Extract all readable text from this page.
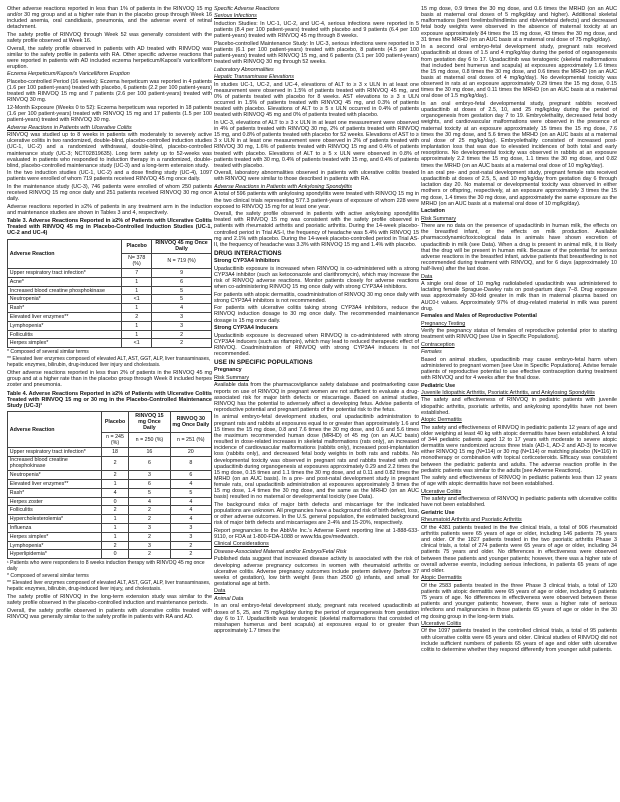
Other adverse reactions reported in less than 1% of patients in the RINVOQ 15 mg and/or 30 mg group and at a higher rate than in the placebo group through Week 16 included anemia, oral candidiasis, pneumonia, and the adverse event of retinal detachment.

The safety profile of RINVOQ through Week 52 was generally consistent with the safety profile observed at Week 16.

Overall, the safety profile observed in patients with AD treated with RINVOQ was similar to the safety profile in patients with RA. Other specific adverse reactions that were reported in patients with AD included eczema herpeticum/Kaposi's varicelliform eruption.

Eczema Herpeticum/Kaposi's Varicelliform Eruption

Placebo-controlled Period (16 weeks): Eczema herpeticum was reported in 4 patients (1.6 per 100 patient-years) treated with placebo, 6 patients (2.2 per 100 patient-years) treated with RINVOQ 15 mg and 7 patients (2.6 per 100 patient-years) treated with RINVOQ 30 mg.

12-Month Exposure (Weeks 0 to 52): Eczema herpeticum was reported in 18 patients (1.6 per 100 patient-years) treated with RINVOQ 15 mg and 17 patients (1.5 per 100 patient-years) treated with RINVOQ 30 mg.

Adverse Reactions in Patients with Ulcerative Colitis

RINVOQ was studied up to 8 weeks in patients with moderately to severely active ulcerative colitis in two randomized, double-blind, placebo-controlled induction studies (UC-1, UC-2) and a randomized withdrawal, double-blind, placebo-controlled maintenance study (UC-3; NCT02819635). Long term safety up to 52-weeks was evaluated in patients who responded to induction therapy in a randomized, double-blind, placebo-controlled maintenance study (UC-3) and a long-term extension study.

In the two induction studies (UC-1, UC-2) and a dose finding study (UC-4), 1097 patients were enrolled of whom 719 patients received RINVOQ 45 mg once daily.

In the maintenance study (UC-3), 746 patients were enrolled of whom 250 patients received RINVOQ 15 mg once daily and 251 patients received RINVOQ 30 mg once daily.

Adverse reactions reported in ≥2% of patients in any treatment arm in the induction and maintenance studies are shown in Tables 3 and 4, respectively.

Table 3. Adverse Reactions Reported in ≥2% of Patients with Ulcerative Colitis Treated with RINVOQ 45 mg in Placebo-Controlled Induction Studies (UC-1, UC-2 and UC-4)

Adverse Reaction	Placebo	RINVOQ 45 mg Once Daily
	N= 378 (%)	N = 719 (%)
Upper respiratory tract infection*	7	9
Acne*	1	6
Increased blood creatine phosphokinase	1	5
Neutropenia*	<1	5
Rash*	1	4
Elevated liver enzymes**	2	3
Lymphopenia*	1	3
Folliculitis	1	2
Herpes simplex*	<1	2

* Composed of several similar terms

** Elevated liver enzymes composed of elevated ALT, AST, GGT, ALP, liver transaminases, hepatic enzymes, bilirubin, drug-induced liver injury and cholestasis.

Other adverse reactions reported in less than 2% of patients in the RINVOQ 45 mg group and at a higher rate than in the placebo group through Week 8 included herpes zoster and pneumonia.

Table 4. Adverse Reactions Reported in ≥2% of Patients with Ulcerative Colitis Treated with RINVOQ 15 mg or 30 mg in the Placebo-Controlled Maintenance Study (UC-3)¹

Adverse Reaction	Placebo	RINVOQ 15 mg Once Daily	RINVOQ 30 mg Once Daily
	n = 245 (%)	n = 250 (%)	n = 251 (%)
Upper respiratory tract infection*	18	16	20
Increased blood creatine phosphokinase	2	6	8
Neutropenia*	2	3	6
Elevated liver enzymes**	1	6	4
Rash*	4	5	5
Herpes zoster	0	4	4
Folliculitis	2	2	4
Hypercholesterolemia*	1	2	4
Influenza	1	3	3
Herpes simplex*	1	2	3
Lymphopenia*	2	3	2
Hyperlipidemia*	0	2	2

¹ Patients who were responders to 8 weeks induction therapy with RINVOQ 45 mg once daily

* Composed of several similar terms

** Elevated liver enzymes composed of elevated ALT, AST, GGT, ALP, liver transaminases, hepatic enzymes, bilirubin, drug-induced liver injury, and cholestasis.

The safety profile of RINVOQ in the long-term extension study was similar to the safety profile observed in the placebo-controlled induction and maintenance periods.

Overall, the safety profile observed in patients with ulcerative colitis treated with RINVOQ was generally similar to the safety profile in patients with RA and AD.

Specific Adverse Reactions

Serious Infections

Induction Studies: In UC-1, UC-2, and UC-4, serious infections were reported in 5 patients (8.4 per 100 patient-years) treated with placebo and 9 patients (6.4 per 100 patient-years) treated with RINVOQ 45 mg through 8 weeks.

Placebo-controlled Maintenance Study: In UC-3, serious infections were reported in 3 patients (6.1 per 100 patient-years) treated with placebo, 8 patients (4.5 per 100 patient-years) treated with RINVOQ 15 mg, and 6 patients (3.1 per 100 patient-years) treated with RINVOQ 30 mg through 52 weeks.

Laboratory Abnormalities

Hepatic Transaminase Elevations

In studies UC-1, UC-2, and UC-4, elevations of ALT to ≥ 3 x ULN in at least one measurement were observed in 1.5% of patients treated with RINVOQ 45 mg, and 0% of patients treated with placebo for 8 weeks. AST elevations to ≥ 3 x ULN occurred in 1.5% of patients treated with RINVOQ 45 mg, and 0.3% of patients treated with placebo. Elevations of ALT to ≥ 5 x ULN occurred in 0.4% of patients treated with RINVOQ 45 mg and 0% of patients treated with placebo.

In UC-3, elevations of ALT to ≥ 3 x ULN in at least one measurement were observed in 4% of patients treated with RINVOQ 30 mg, 2% of patients treated with RINVOQ 15 mg, and 0.8% of patients treated with placebo for 52 weeks. Elevations of AST to ≥ 3 x ULN in at least one measurement were observed in 2% of patients treated with RINVOQ 30 mg, 1.6% of patients treated with RINVOQ 15 mg and 0.4% of patients treated with placebo. Elevations of ALT to ≥ 5 x ULN were observed in 0.8% of patients treated with 30 mg, 0.4% of patients treated with 15 mg, and 0.4% of patients treated with placebo.

Overall, laboratory abnormalities observed in patients with ulcerative colitis treated with RINVOQ were similar to those described in patients with RA.

Adverse Reactions in Patients with Ankylosing Spondylitis

A total of 596 patients with ankylosing spondylitis were treated with RINVOQ 15 mg in the two clinical trials representing 577.3 patient-years of exposure of whom 228 were exposed to RINVOQ 15 mg for at least one year.

Overall, the safety profile observed in patients with active ankylosing spondylitis treated with RINVOQ 15 mg was consistent with the safety profile observed in patients with rheumatoid arthritis and psoriatic arthritis. During the 14-week placebo-controlled period in Trial AS-I, the frequency of headache was 5.4% with RINVOQ 15 mg and 2.1% with placebo. During the 14-week placebo-controlled period in Trial AS-II, the frequency of headache was 3.3% with RINVOQ 15 mg and 1.4% with placebo.

DRUG INTERACTIONS

Strong CYP3A4 Inhibitors

Upadacitinib exposure is increased when RINVOQ is co-administered with a strong CYP3A4 inhibitor (such as ketoconazole and clarithromycin), which may increase the risk of RINVOQ adverse reactions. Monitor patients closely for adverse reactions when co-administering RINVOQ 15 mg once daily with strong CYP3A4 inhibitors.

For patients with atopic dermatitis, coadministration of RINVOQ 30 mg once daily with strong CYP3A4 inhibitors is not recommended.

For patients with ulcerative colitis taking strong CYP3A4 inhibitors, reduce the RINVOQ induction dosage to 30 mg once daily. The recommended maintenance dosage is 15 mg once daily.

Strong CYP3A4 Inducers

Upadacitinib exposure is decreased when RINVOQ is co-administered with strong CYP3A4 inducers (such as rifampin), which may lead to reduced therapeutic effect of RINVOQ. Coadministration of RINVOQ with strong CYP3A4 inducers is not recommended.

USE IN SPECIFIC POPULATIONS

Pregnancy

Risk Summary

Available data from the pharmacovigilance safety database and postmarketing case reports on use of RINVOQ in pregnant women are not sufficient to evaluate a drug-associated risk for major birth defects or miscarriage. Based on animal studies, RINVOQ has the potential to adversely affect a developing fetus. Advise patients of reproductive potential and pregnant patients of the potential risk to the fetus.

In animal embryo-fetal development studies, oral upadacitinib administration to pregnant rats and rabbits at exposures equal to or greater than approximately 1.6 and 15 times the 15 mg dose, 0.8 and 7.6 times the 30 mg dose, and 0.6 and 5.6 times the maximum recommended human dose (MRHD) of 45 mg (on an AUC basis) resulted in dose-related increases in skeletal malformations (rats only), an increased incidence of cardiovascular malformations (rabbits only), increased post-implantation loss (rabbits only), and decreased fetal body weights in both rats and rabbits. No developmental toxicity was observed in pregnant rats and rabbits treated with oral upadacitinib during organogenesis at exposures approximately 0.29 and 2.2 times the 15 mg dose, 0.15 times and 1.1 times the 30 mg dose, and at 0.11 and 0.82 times the MRHD (on an AUC basis). In a pre- and post-natal development study in pregnant female rats, oral upadacitinib administration at exposures approximately 3 times the 15 mg dose, 1.4 times the 30 mg dose, and the same as the MRHD (on an AUC basis) resulted in no maternal or developmental toxicity (see Data).

The background risks of major birth defects and miscarriage for the indicated populations are unknown. All pregnancies have a background risk of birth defect, loss, or other adverse outcomes. In the U.S. general population, the estimated background risk of major birth defects and miscarriages are 2-4% and 15-20%, respectively.

Report pregnancies to the AbbVie Inc.'s Adverse Event reporting line at 1-888-633-9110, or FDA at 1-800-FDA-1088 or www.fda.gov/medwatch.

Clinical Considerations

Disease-Associated Maternal and/or Embryo/Fetal Risk

Published data suggest that increased disease activity is associated with the risk of developing adverse pregnancy outcomes in women with rheumatoid arthritis or ulcerative colitis. Adverse pregnancy outcomes include preterm delivery (before 37 weeks of gestation), low birth weight (less than 2500 g) infants, and small for gestational age at birth.

Data

Animal Data

In an oral embryo-fetal development study, pregnant rats received upadacitinib at doses of 5, 25, and 75 mg/kg/day during the period of organogenesis from gestation day 6 to 17. Upadacitinib was teratogenic (skeletal malformations that consisted of misshapen humerus and bent scapula) at exposures equal to or greater than approximately 1.7 times the

15 mg dose, 0.9 times the 30 mg dose, and 0.6 times the MRHD (on an AUC basis at maternal oral doses of 5 mg/kg/day and higher). Additional skeletal malformations (bent forelimbs/hindlimbs and rib/vertebral defects) and decreased fetal body weights were observed in the absence of maternal toxicity at an exposure approximately 84 times the 15 mg dose, 43 times the 30 mg dose, and 31 times the MRHD (on an AUC basis at a maternal oral dose of 75 mg/kg/day).

In a second oral embryo-fetal development study, pregnant rats received upadacitinib at doses of 1.5 and 4 mg/kg/day during the period of organogenesis from gestation day 6 to 17. Upadacitinib was teratogenic (skeletal malformations that included bent humerus and scapula) at exposures approximately 1.6 times the 15 mg dose, 0.8 times the 30 mg dose, and 0.6 times the MRHD (on an AUC basis at maternal oral doses of 4 mg/kg/day). No developmental toxicity was observed in rats at an exposure approximately 0.29 times the 15 mg dose, 0.15 times the 30 mg dose, and 0.11 times the MRHD (on an AUC basis at a maternal oral dose of 1.5 mg/kg/day).

In an oral embryo-fetal developmental study, pregnant rabbits received upadacitinib at doses of 2.5, 10, and 25 mg/kg/day during the period of organogenesis from gestation day 7 to 19. Embryolethality, decreased fetal body weights, and cardiovascular malformations were observed in the presence of maternal toxicity at an exposure approximately 15 times the 15 mg dose, 7.6 times the 30 mg dose, and 5.6 times the MRHD (on an AUC basis at a maternal oral dose of 25 mg/kg/day). Embryolethality consisted of increased post-implantation loss that was due to elevated incidences of both total and early resorptions. No developmental toxicity was observed in rabbits at an exposure approximately 2.2 times the 15 mg dose, 1.1 times the 30 mg dose, and 0.82 times the MRHD (on an AUC basis at a maternal oral dose of 10 mg/kg/day).

In an oral pre- and post-natal development study, pregnant female rats received upadacitinib at doses of 2.5, 5, and 10 mg/kg/day from gestation day 6 through lactation day 20. No maternal or developmental toxicity was observed in either mothers or offspring, respectively, at an exposure approximately 3 times the 15 mg dose, 1.4 times the 30 mg dose, and approximately the same exposure as the MRHD (on an AUC basis at a maternal oral dose of 10 mg/kg/day).

Lactation

Risk Summary

There are no data on the presence of upadacitinib in human milk, the effects on the breastfed infant, or the effects on milk production. Available pharmacodynamic/toxicological data in animals have shown excretion of upadacitinib in milk (see Data). When a drug is present in animal milk, it is likely that the drug will be present in human milk. Because of the potential for serious adverse reactions in the breastfed infant, advise patients that breastfeeding is not recommended during treatment with RINVOQ, and for 6 days (approximately 10 half-lives) after the last dose.

Data

A single oral dose of 10 mg/kg radiolabeled upadacitinib was administered to lactating female Sprague-Dawley rats on post-partum days 7–8. Drug exposure was approximately 30-fold greater in milk than in maternal plasma based on AUC0-t values. Approximately 97% of drug-related material in milk was parent drug.

Females and Males of Reproductive Potential

Pregnancy Testing

Verify the pregnancy status of females of reproductive potential prior to starting treatment with RINVOQ [see Use in Specific Populations].

Contraception

Females

Based on animal studies, upadacitinib may cause embryo-fetal harm when administered to pregnant women [see Use in Specific Populations]. Advise female patients of reproductive potential to use effective contraception during treatment with RINVOQ and for 4 weeks after the final dose.

Pediatric Use

Juvenile Idiopathic Arthritis, Psoriatic Arthritis, and Ankylosing Spondylitis

The safety and effectiveness of RINVOQ in pediatric patients with juvenile idiopathic arthritis, psoriatic arthritis, and ankylosing spondylitis have not been established.

Atopic Dermatitis

The safety and effectiveness of RINVOQ in pediatric patients 12 years of age and older weighing at least 40 kg with atopic dermatitis have been established. A total of 344 pediatric patients aged 12 to 17 years with moderate to severe atopic dermatitis were randomized across three trials (AD-1, AD-2 and AD-3) to receive either RINVOQ 15 mg (N=114) or 30 mg (N=114) or matching placebo (N=116) in monotherapy or combination with topical corticosteroids. Efficacy was consistent between the pediatric patients and adults. The adverse reaction profile in the pediatric patients was similar to the adults [see Adverse Reactions].

The safety and effectiveness of RINVOQ in pediatric patients less than 12 years of age with atopic dermatitis have not been established.

Ulcerative Colitis

The safety and effectiveness of RINVOQ in pediatric patients with ulcerative colitis have not been established.

Geriatric Use

Rheumatoid Arthritis and Psoriatic Arthritis

Of the 4381 patients treated in the five clinical trials, a total of 906 rheumatoid arthritis patients were 65 years of age or older, including 146 patients 75 years and older. Of the 1827 patients treated in the two psoriatic arthritis Phase 3 clinical trials, a total of 274 patients were 65 years of age or older, including 34 patients 75 years and older. No differences in effectiveness were observed between these patients and younger patients; however, there was a higher rate of overall adverse events, including serious infections, in patients 65 years of age and older.

Atopic Dermatitis

Of the 2583 patients treated in the three Phase 3 clinical trials, a total of 120 patients with atopic dermatitis were 65 years of age or older, including 6 patients 75 years of age. No differences in effectiveness were observed between these patients and younger patients; however, there was a higher rate of serious infections and malignancies in those patients 65 years of age or older in the 30 mg dosing group in the long-term trials.

Ulcerative Colitis

Of the 1097 patients treated in the controlled clinical trials, a total of 95 patients with ulcerative colitis were 65 years and older. Clinical studies of RINVOQ did not include sufficient numbers of patients 65 years of age and older with ulcerative colitis to determine whether they respond differently from younger adult patients.
